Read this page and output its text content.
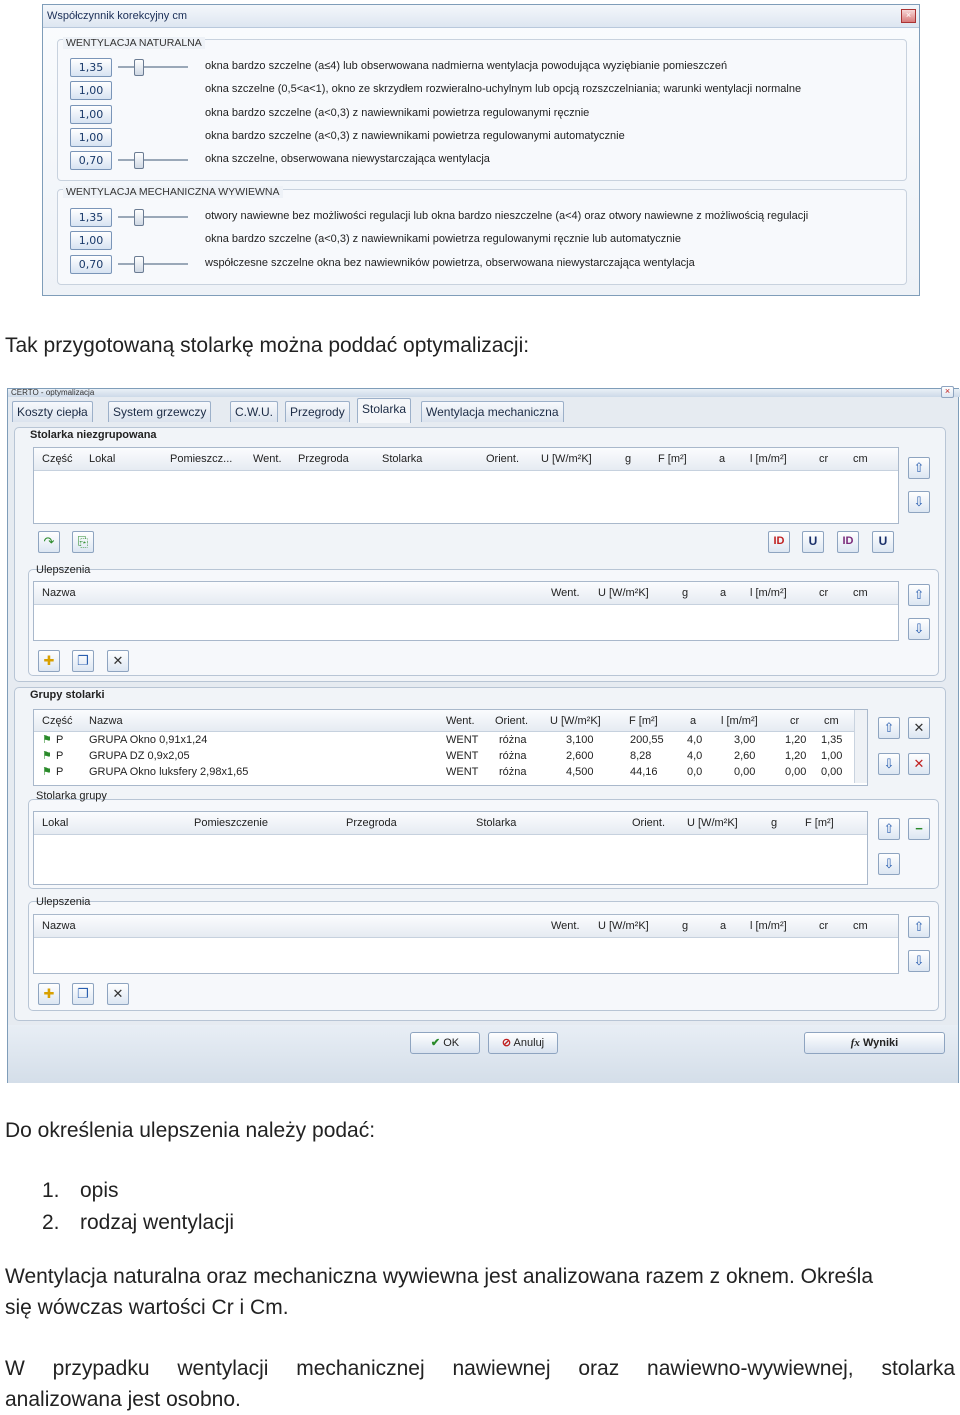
Współczynnik korekcyjny cm	×
WENTYLACJA NATURALNA
WENTYLACJA MECHANICZNA WYWIEWNA
1,35	okna bardzo szczelne (a≤4) lub obserwowana nadmierna wentylacja powodująca wyziębianie pomieszczeń
1,00	okna szczelne (0,5<a<1), okno ze skrzydłem rozwieralno-uchylnym lub opcją rozszczelniania; warunki wentylacji normalne
1,00	okna bardzo szczelne (a<0,3) z nawiewnikami powietrza regulowanymi ręcznie
1,00	okna bardzo szczelne (a<0,3) z nawiewnikami powietrza regulowanymi automatycznie
0,70	okna szczelne, obserwowana niewystarczająca wentylacja
1,35	otwory nawiewne bez możliwości regulacji lub okna bardzo nieszczelne (a<4) oraz otwory nawiewne z możliwością regulacji
1,00	okna bardzo szczelne (a<0,3) z nawiewnikami powietrza regulowanymi ręcznie lub automatycznie
0,70	współczesne szczelne okna bez nawiewników powietrza, obserwowana niewystarczająca wentylacja
Tak przygotowaną stolarkę można poddać optymalizacji:
CERTO - optymalizacja	×
Koszty ciepła	System grzewczy	C.W.U.	Przegrody	Stolarka	Wentylacja mechaniczna
Stolarka niezgrupowana
Część Lokal	Pomieszcz... Went. Przegroda	Stolarka	Orient. U [W/m²K]	g F [m²]	a l [m/m²]	cr cm
⇧
⇩
↷	⎘	ID	U	ID	U
Ulepszenia
Nazwa	Went. U [W/m²K]	g	a l [m/m²]	cr cm	⇧
⇩
✚	❐	✕
Grupy stolarki
Część Nazwa	Went. Orient. U [W/m²K]	F [m²]	a l [m/m²]	cr cm
⚑ P GRUPA Okno 0,91x1,24	WENT różna	3,100	200,55 4,0	3,00	1,20 1,35
⚑ P GRUPA DZ 0,9x2,05	WENT różna	2,600	8,28	4,0	2,60	1,20 1,00
⚑ P GRUPA Okno luksfery 2,98x1,65	WENT różna	4,500	44,16	0,0	0,00	0,00 0,00
⇧	✕
⇩	✕
Stolarka grupy
Lokal	Pomieszczenie	Przegroda	Stolarka	Orient. U [W/m²K]	g	F [m²]	⇧	−
⇩
Ulepszenia
Nazwa	Went. U [W/m²K]	g	a l [m/m²]	cr cm	⇧
⇩
✚	❐	✕
✔ OK	⊘ Anuluj	fx Wyniki
Do określenia ulepszenia należy podać:
1. opis
2. rodzaj wentylacji
Wentylacja naturalna oraz mechaniczna wywiewna jest analizowana razem z oknem. Określa
się wówczas wartości Cr i Cm.
W przypadku wentylacji mechanicznej nawiewnej oraz nawiewno-wywiewnej, stolarka
analizowana jest osobno.
